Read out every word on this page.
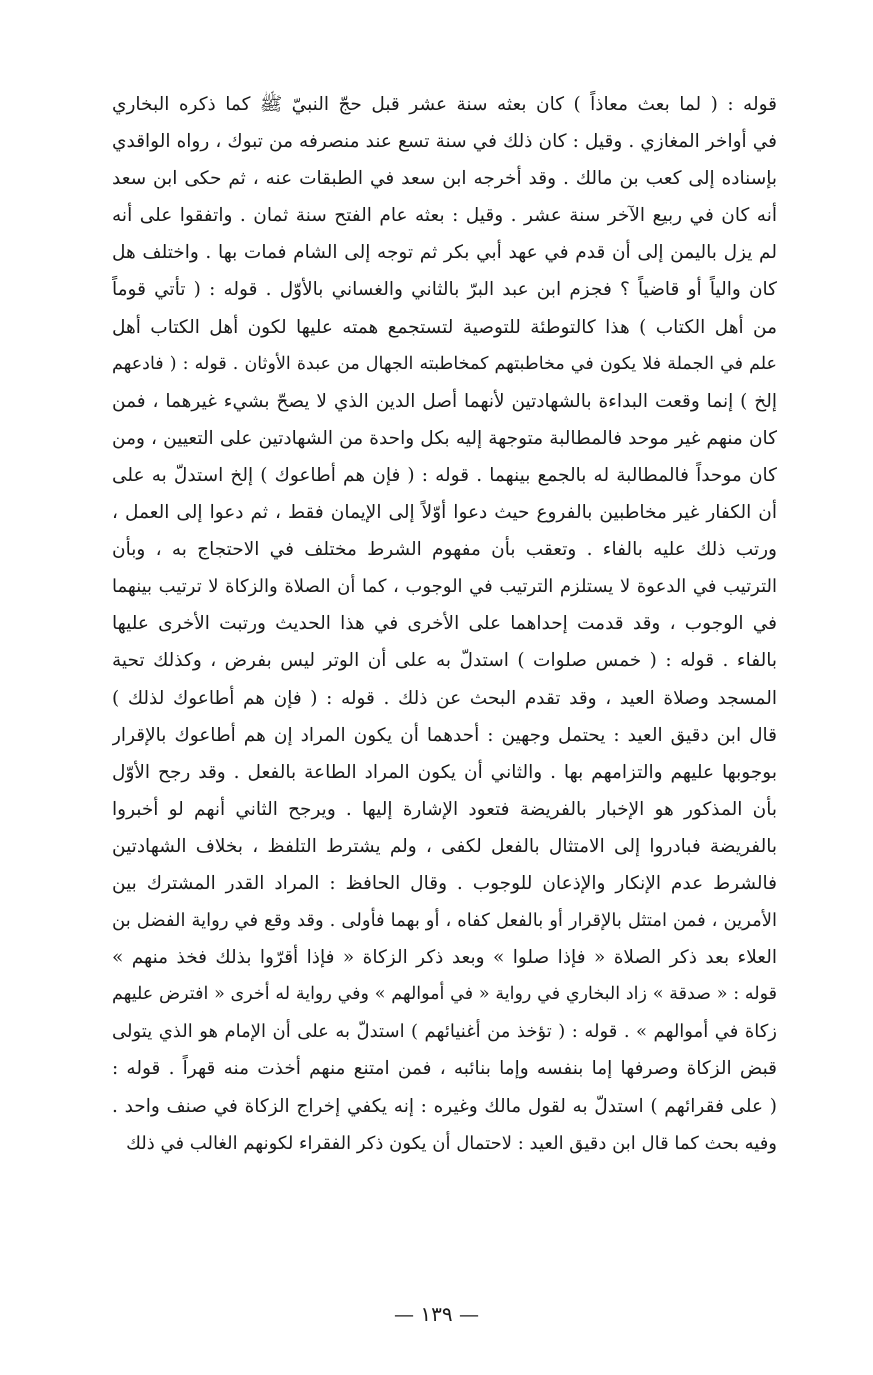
قوله : ( لما بعث معاذاً ) كان بعثه سنة عشر قبل حجّ النبيّ ﷺ كما ذكره البخاري
في أواخر المغازي . وقيل : كان ذلك في سنة تسع عند منصرفه من تبوك ، رواه الواقدي
بإسناده إلى كعب بن مالك . وقد أخرجه ابن سعد في الطبقات عنه ، ثم حكى ابن سعد
أنه كان في ربيع الآخر سنة عشر . وقيل : بعثه عام الفتح سنة ثمان . واتفقوا على أنه
لم يزل باليمن إلى أن قدم في عهد أبي بكر ثم توجه إلى الشام فمات بها . واختلف هل
كان والياً أو قاضياً ؟ فجزم ابن عبد البرّ بالثاني والغساني بالأوّل . قوله : ( تأتي قوماً
من أهل الكتاب ) هذا كالتوطئة للتوصية لتستجمع همته عليها لكون أهل الكتاب أهل
علم في الجملة فلا يكون في مخاطبتهم كمخاطبته الجهال من عبدة الأوثان . قوله : ( فادعهم
إلخ ) إنما وقعت البداءة بالشهادتين لأنهما أصل الدين الذي لا يصحّ بشيء غيرهما ، فمن
كان منهم غير موحد فالمطالبة متوجهة إليه بكل واحدة من الشهادتين على التعيين ، ومن
كان موحداً فالمطالبة له بالجمع بينهما . قوله : ( فإن هم أطاعوك ) إلخ استدلّ به على
أن الكفار غير مخاطبين بالفروع حيث دعوا أوّلاً إلى الإيمان فقط ، ثم دعوا إلى العمل ،
ورتب ذلك عليه بالفاء . وتعقب بأن مفهوم الشرط مختلف في الاحتجاج به ، وبأن
الترتيب في الدعوة لا يستلزم الترتيب في الوجوب ، كما أن الصلاة والزكاة لا ترتيب بينهما
في الوجوب ، وقد قدمت إحداهما على الأخرى في هذا الحديث ورتبت الأخرى عليها
بالفاء . قوله : ( خمس صلوات ) استدلّ به على أن الوتر ليس بفرض ، وكذلك تحية
المسجد وصلاة العيد ، وقد تقدم البحث عن ذلك . قوله : ( فإن هم أطاعوك لذلك )
قال ابن دقيق العيد : يحتمل وجهين : أحدهما أن يكون المراد إن هم أطاعوك بالإقرار
بوجوبها عليهم والتزامهم بها . والثاني أن يكون المراد الطاعة بالفعل . وقد رجح الأوّل
بأن المذكور هو الإخبار بالفريضة فتعود الإشارة إليها . ويرجح الثاني أنهم لو أخبروا
بالفريضة فبادروا إلى الامتثال بالفعل لكفى ، ولم يشترط التلفظ ، بخلاف الشهادتين
فالشرط عدم الإنكار والإذعان للوجوب . وقال الحافظ : المراد القدر المشترك بين
الأمرين ، فمن امتثل بالإقرار أو بالفعل كفاه ، أو بهما فأولى . وقد وقع في رواية الفضل بن
العلاء بعد ذكر الصلاة « فإذا صلوا » وبعد ذكر الزكاة « فإذا أقرّوا بذلك فخذ منهم »
قوله : « صدقة » زاد البخاري في رواية « في أموالهم » وفي رواية له أخرى « افترض عليهم
زكاة في أموالهم » . قوله : ( تؤخذ من أغنيائهم ) استدلّ به على أن الإمام هو الذي يتولى
قبض الزكاة وصرفها إما بنفسه وإما بنائبه ، فمن امتنع منهم أخذت منه قهراً . قوله :
( على فقرائهم ) استدلّ به لقول مالك وغيره : إنه يكفي إخراج الزكاة في صنف واحد .
وفيه بحث كما قال ابن دقيق العيد : لاحتمال أن يكون ذكر الفقراء لكونهم الغالب في ذلك
— ١٣٩ —
